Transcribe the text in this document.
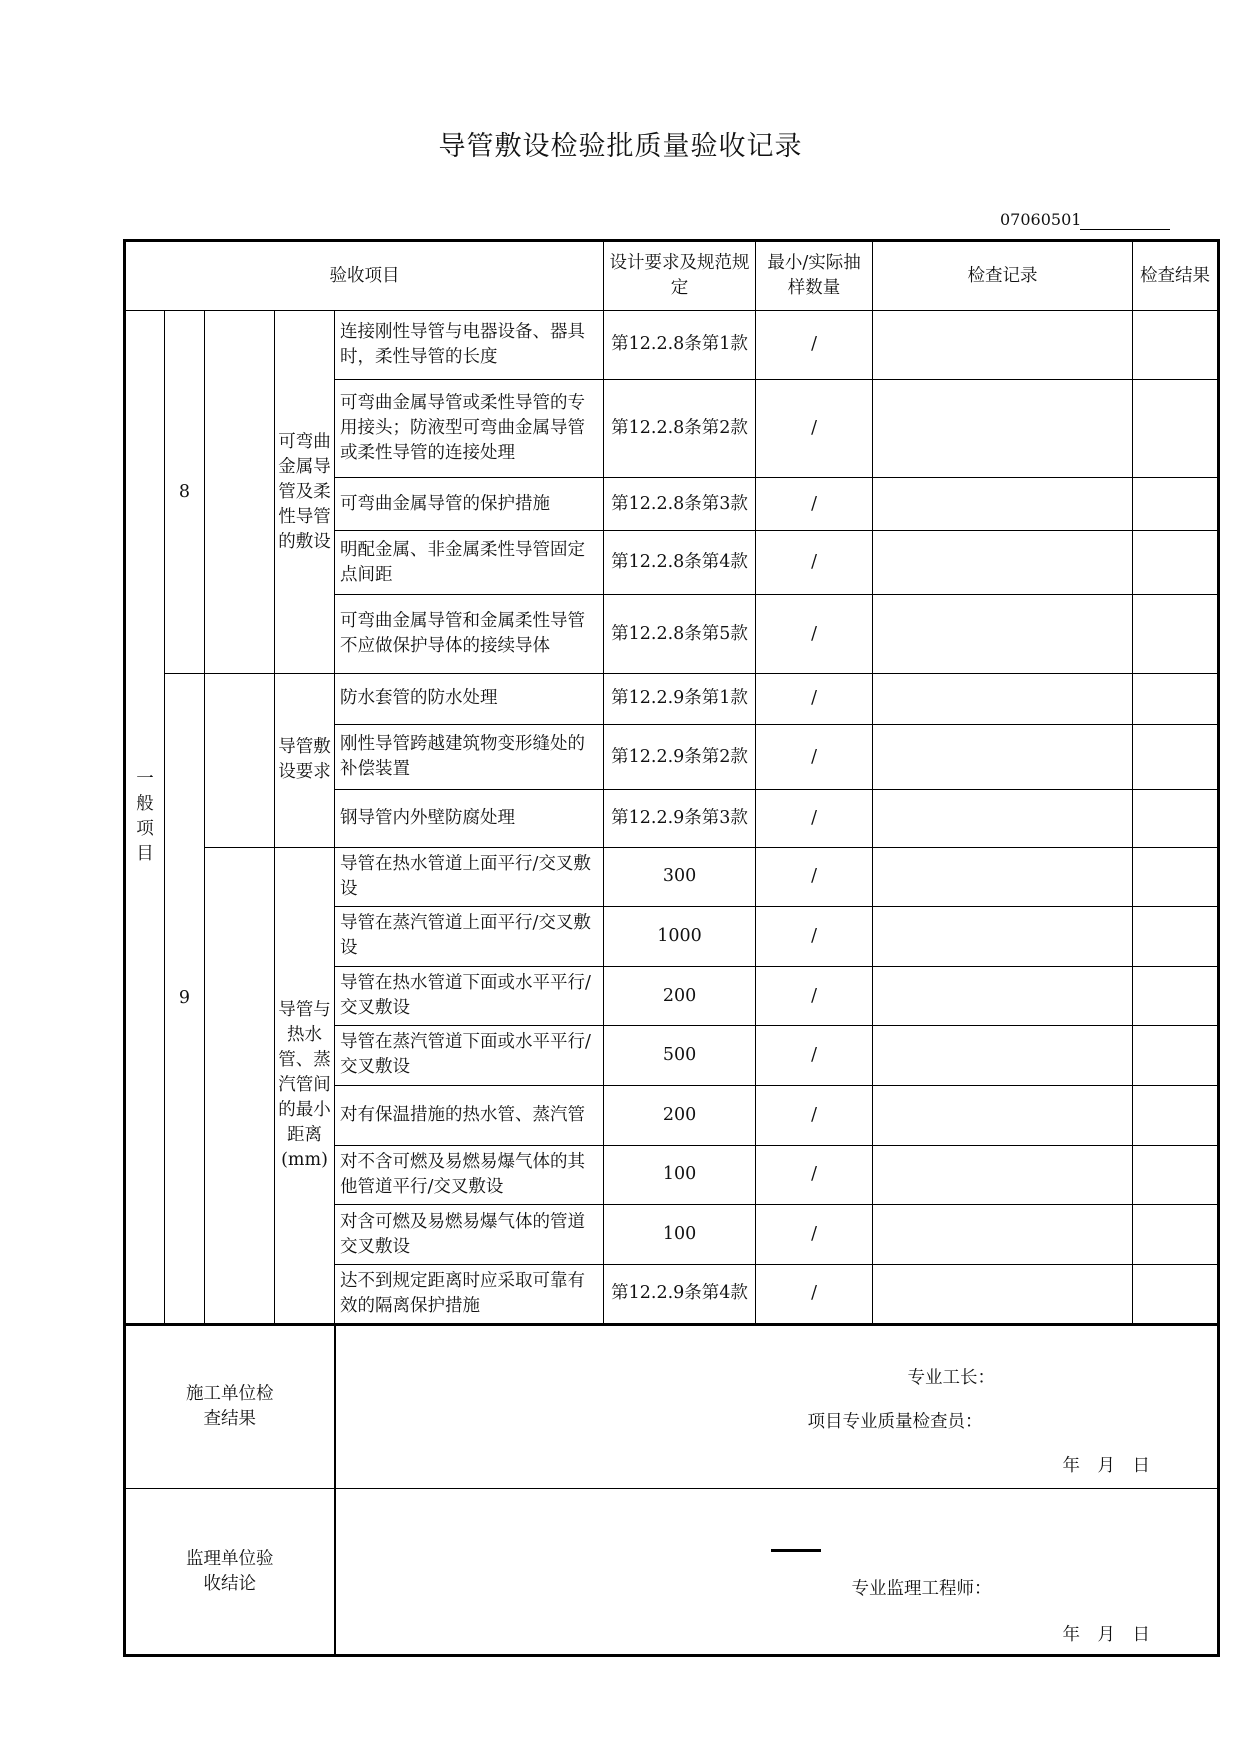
导管敷设检验批质量验收记录
07060501
验收项目					设计要求及规范规定	最小/实际抽样数量	检查记录	检查结果
一般项目	8		可弯曲金属导管及柔性导管的敷设	连接刚性导管与电器设备、器具时，柔性导管的长度	第12.2.8条第1款	/		
				可弯曲金属导管或柔性导管的专用接头；防液型可弯曲金属导管或柔性导管的连接处理	第12.2.8条第2款	/		
				可弯曲金属导管的保护措施	第12.2.8条第3款	/		
				明配金属、非金属柔性导管固定点间距	第12.2.8条第4款	/		
				可弯曲金属导管和金属柔性导管不应做保护导体的接续导体	第12.2.8条第5款	/		
	9		导管敷设要求	防水套管的防水处理	第12.2.9条第1款	/		
				刚性导管跨越建筑物变形缝处的补偿装置	第12.2.9条第2款	/		
				钢导管内外壁防腐处理	第12.2.9条第3款	/		
			导管与热水管、蒸汽管间的最小距离(mm)	导管在热水管道上面平行/交叉敷设	300	/		
				导管在蒸汽管道上面平行/交叉敷设	1000	/		
				导管在热水管道下面或水平平行/交叉敷设	200	/		
				导管在蒸汽管道下面或水平平行/交叉敷设	500	/		
				对有保温措施的热水管、蒸汽管	200	/		
				对不含可燃及易燃易爆气体的其他管道平行/交叉敷设	100	/		
				对含可燃及易燃易爆气体的管道交叉敷设	100	/		
				达不到规定距离时应采取可靠有效的隔离保护措施	第12.2.9条第4款	/		

施工单位检查结果				专业工长：
项目专业质量检查员：
年　月　日				

监理单位验收结论				专业监理工程师：
年　月　日				
